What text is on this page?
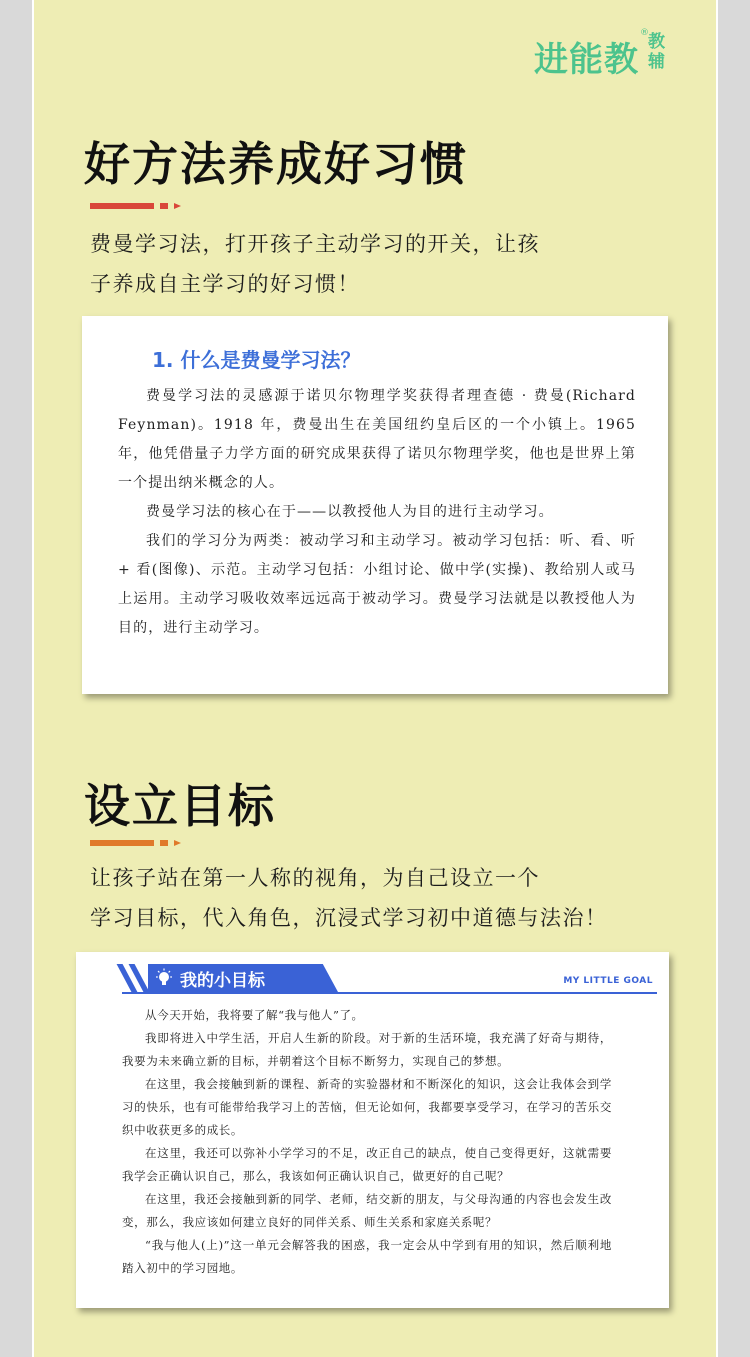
进能教
® 教辅
好方法养成好习惯
费曼学习法，打开孩子主动学习的开关，让孩
子养成自主学习的好习惯！
1. 什么是费曼学习法？
费曼学习法的灵感源于诺贝尔物理学奖获得者理查德 · 费曼(Richard Feynman)。1918 年，费曼出生在美国纽约皇后区的一个小镇上。1965 年，他凭借量子力学方面的研究成果获得了诺贝尔物理学奖，他也是世界上第一个提出纳米概念的人。
费曼学习法的核心在于——以教授他人为目的进行主动学习。
我们的学习分为两类：被动学习和主动学习。被动学习包括：听、看、听 + 看(图像)、示范。主动学习包括：小组讨论、做中学(实操)、教给别人或马上运用。主动学习吸收效率远远高于被动学习。费曼学习法就是以教授他人为目的，进行主动学习。
设立目标
让孩子站在第一人称的视角，为自己设立一个
学习目标，代入角色，沉浸式学习初中道德与法治！
我的小目标	MY LITTLE GOAL
从今天开始，我将要了解“我与他人”了。
我即将进入中学生活，开启人生新的阶段。对于新的生活环境，我充满了好奇与期待，我要为未来确立新的目标，并朝着这个目标不断努力，实现自己的梦想。
在这里，我会接触到新的课程、新奇的实验器材和不断深化的知识，这会让我体会到学习的快乐，也有可能带给我学习上的苦恼，但无论如何，我都要享受学习，在学习的苦乐交织中收获更多的成长。
在这里，我还可以弥补小学学习的不足，改正自己的缺点，使自己变得更好，这就需要我学会正确认识自己，那么，我该如何正确认识自己，做更好的自己呢？
在这里，我还会接触到新的同学、老师，结交新的朋友，与父母沟通的内容也会发生改变，那么，我应该如何建立良好的同伴关系、师生关系和家庭关系呢？
“我与他人(上)”这一单元会解答我的困惑，我一定会从中学到有用的知识，然后顺利地踏入初中的学习园地。
